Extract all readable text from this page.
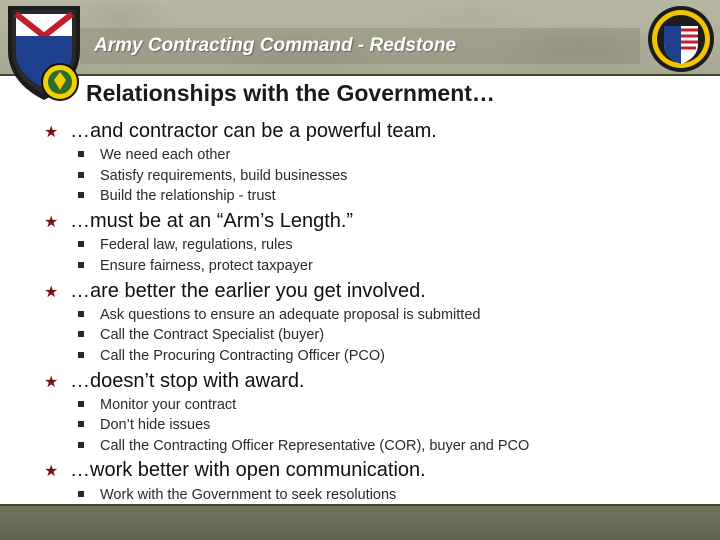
Army Contracting Command - Redstone
Relationships with the Government…
★ …and contractor can be a powerful team.
We need each other
Satisfy requirements, build businesses
Build the relationship - trust
★ …must be at an “Arm’s Length.”
Federal law, regulations, rules
Ensure fairness, protect taxpayer
★ …are better the earlier you get involved.
Ask questions to ensure an adequate proposal is submitted
Call the Contract Specialist (buyer)
Call the Procuring Contracting Officer (PCO)
★ …doesn’t stop with award.
Monitor your contract
Don’t hide issues
Call the Contracting Officer Representative (COR), buyer and PCO
★ …work better with open communication.
Work with the Government to seek resolutions
